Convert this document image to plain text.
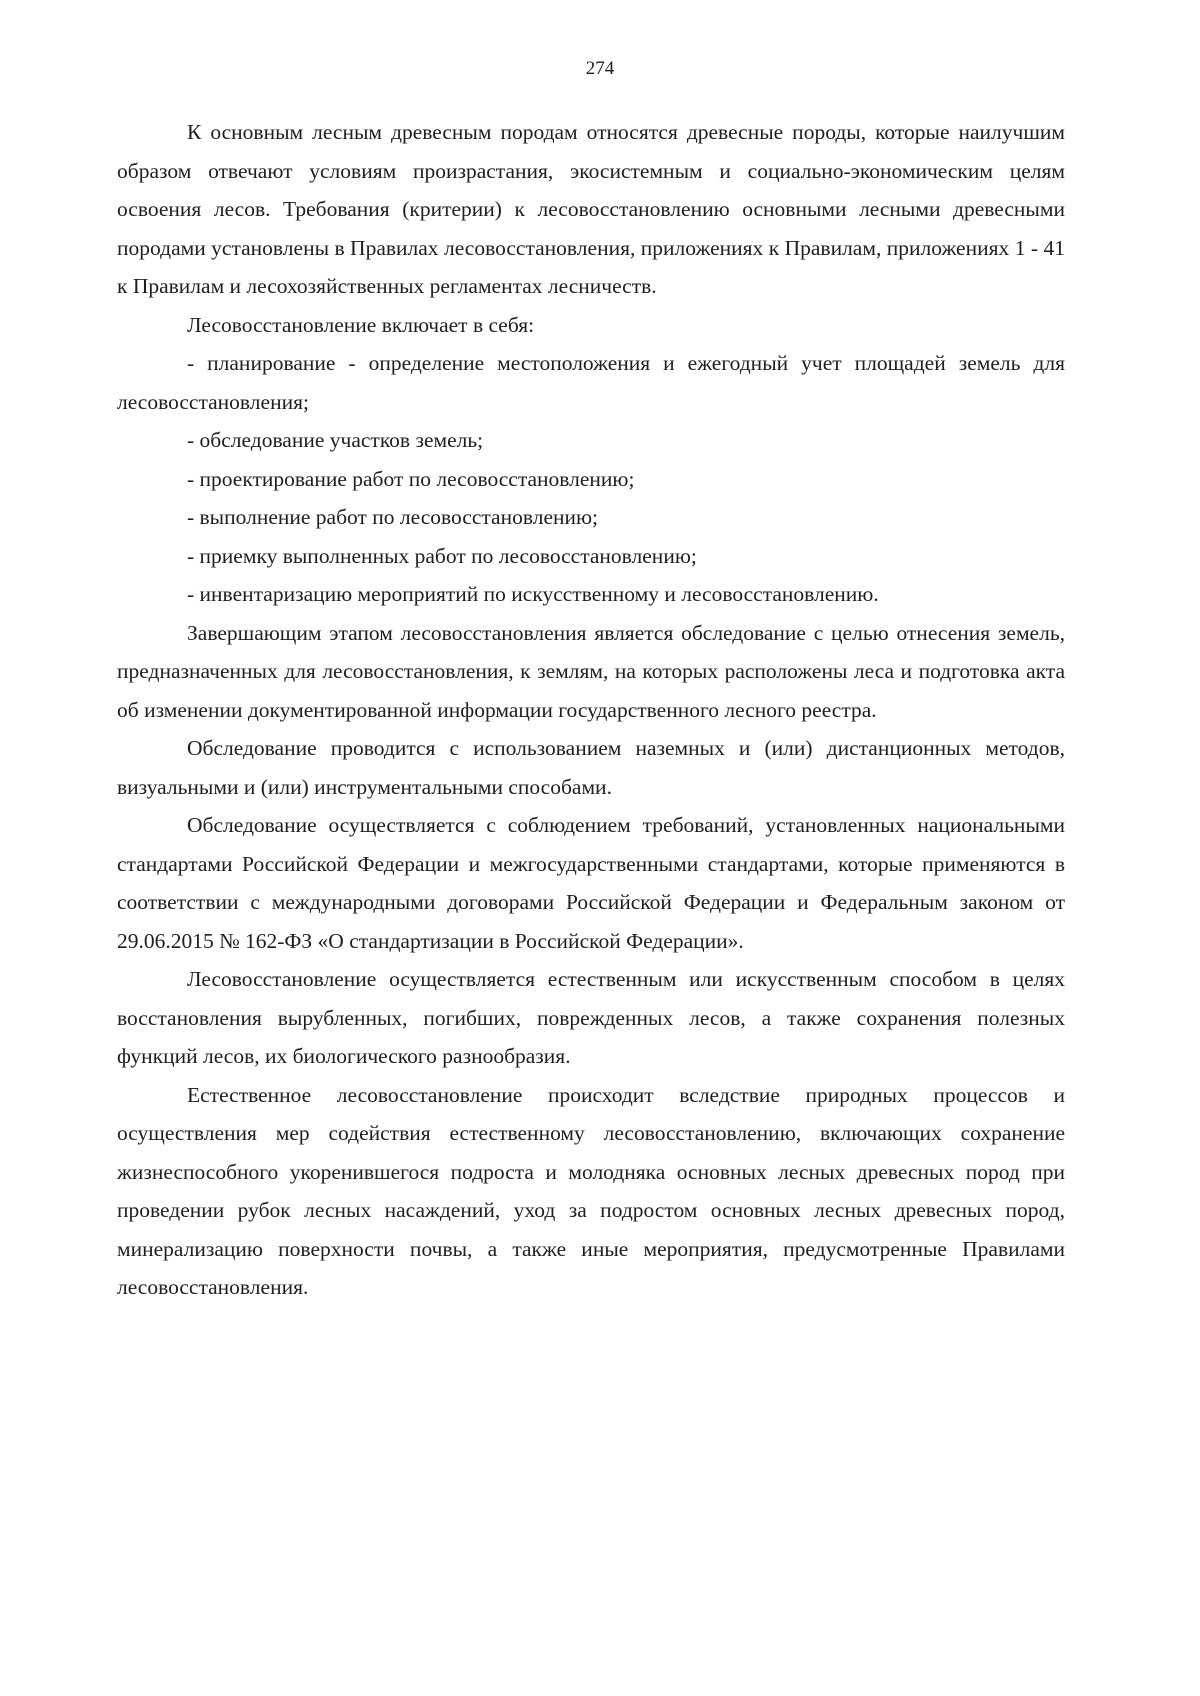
274

К основным лесным древесным породам относятся древесные породы, которые наилучшим образом отвечают условиям произрастания, экосистемным и социально-экономическим целям освоения лесов. Требования (критерии) к лесовосстановлению основными лесными древесными породами установлены в Правилах лесовосстановления, приложениях к Правилам, приложениях 1 - 41 к Правилам и лесохозяйственных регламентах лесничеств.

Лесовосстановление включает в себя:

- планирование - определение местоположения и ежегодный учет площадей земель для лесовосстановления;

- обследование участков земель;

- проектирование работ по лесовосстановлению;

- выполнение работ по лесовосстановлению;

- приемку выполненных работ по лесовосстановлению;

- инвентаризацию мероприятий по искусственному и лесовосстановлению.

Завершающим этапом лесовосстановления является обследование с целью отнесения земель, предназначенных для лесовосстановления, к землям, на которых расположены леса и подготовка акта об изменении документированной информации государственного лесного реестра.

Обследование проводится с использованием наземных и (или) дистанционных методов, визуальными и (или) инструментальными способами.

Обследование осуществляется с соблюдением требований, установленных национальными стандартами Российской Федерации и межгосударственными стандартами, которые применяются в соответствии с международными договорами Российской Федерации и Федеральным законом от 29.06.2015 № 162-ФЗ «О стандартизации в Российской Федерации».

Лесовосстановление осуществляется естественным или искусственным способом в целях восстановления вырубленных, погибших, поврежденных лесов, а также сохранения полезных функций лесов, их биологического разнообразия.

Естественное лесовосстановление происходит вследствие природных процессов и осуществления мер содействия естественному лесовосстановлению, включающих сохранение жизнеспособного укоренившегося подроста и молодняка основных лесных древесных пород при проведении рубок лесных насаждений, уход за подростом основных лесных древесных пород, минерализацию поверхности почвы, а также иные мероприятия, предусмотренные Правилами лесовосстановления.
